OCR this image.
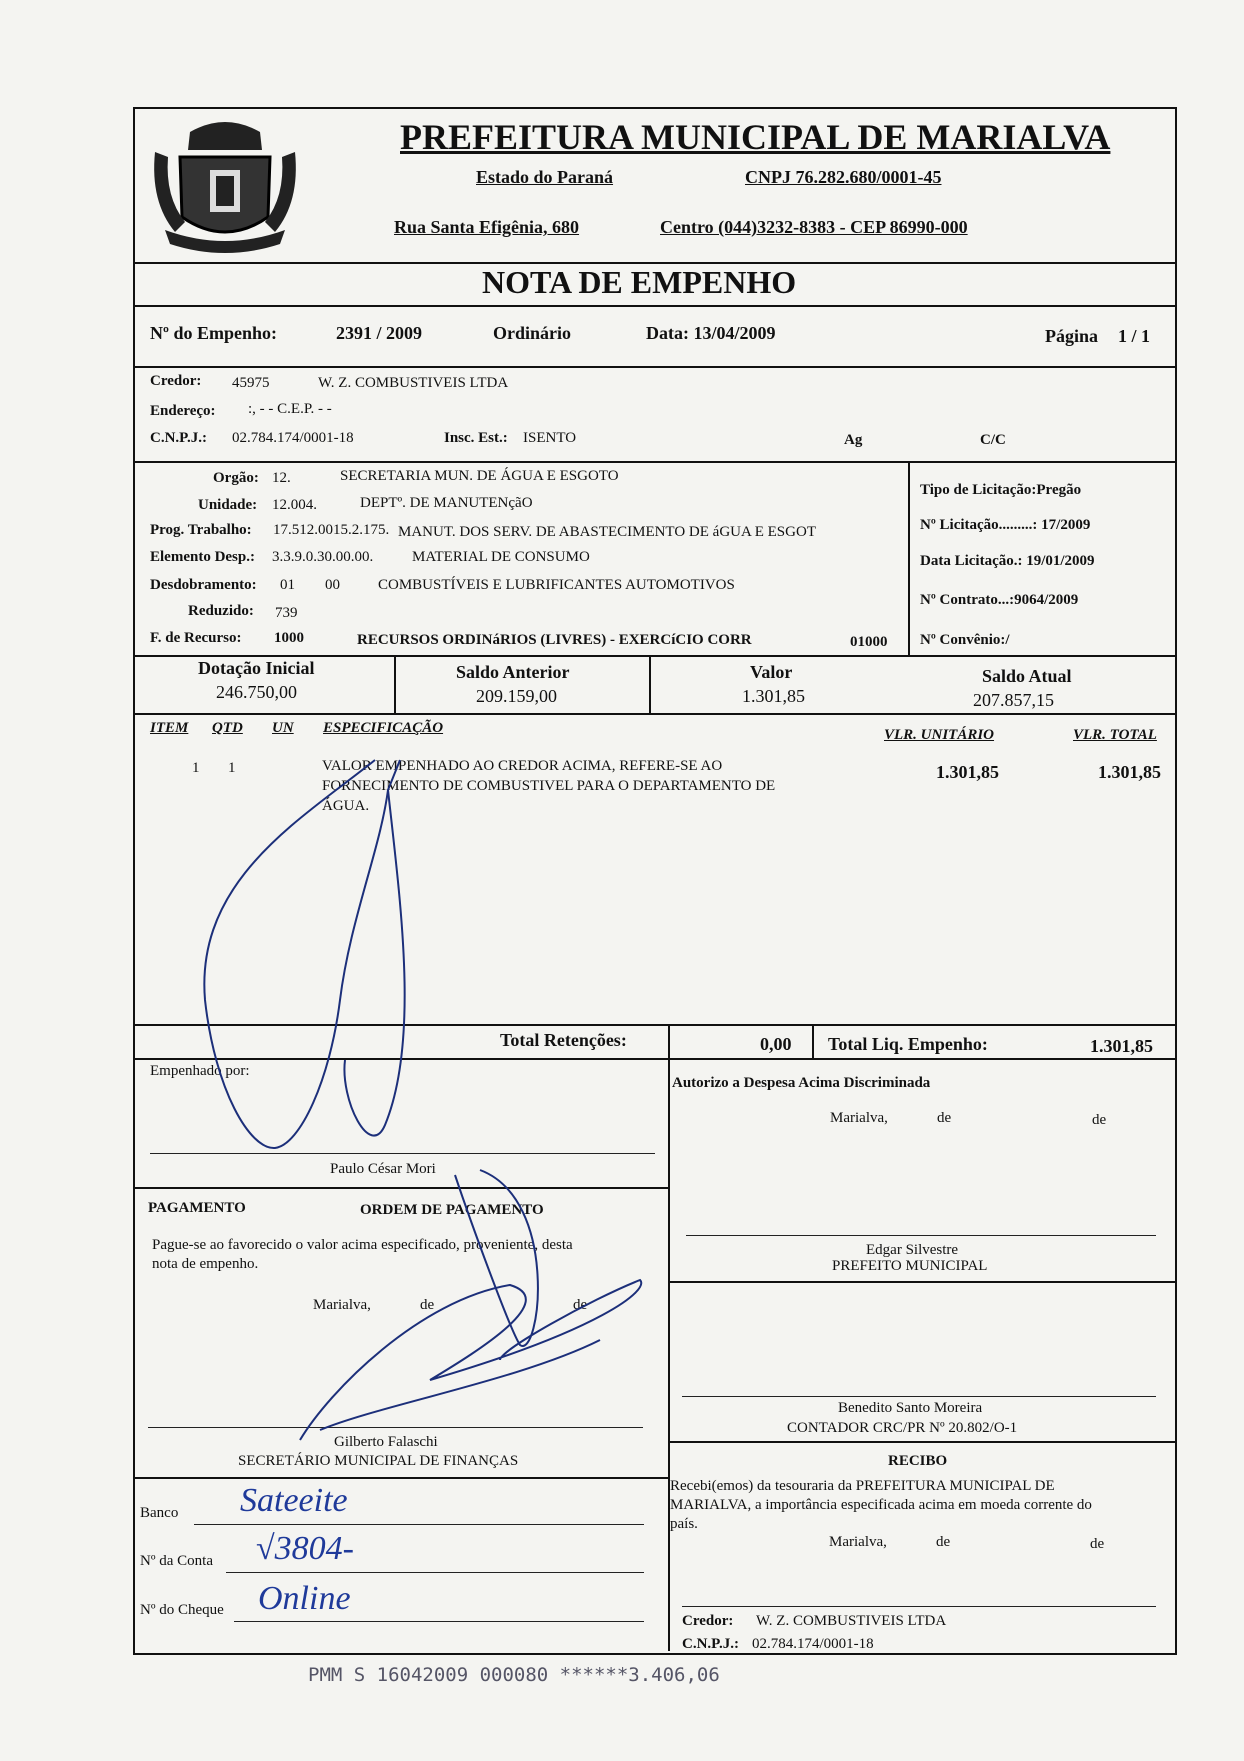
PREFEITURA MUNICIPAL DE MARIALVA
Estado do Paraná	CNPJ 76.282.680/0001-45
Rua Santa Efigênia, 680	Centro (044)3232-8383 - CEP 86990-000
NOTA DE EMPENHO
Nº do Empenho:	2391 / 2009	Ordinário	Data: 13/04/2009	Página 1 / 1
Credor: 45975	W. Z. COMBUSTIVEIS LTDA
Endereço: :, - - C.E.P. - -
C.N.P.J.: 02.784.174/0001-18	Insc. Est.: ISENTO	Ag	C/C
Orgão: 12.	SECRETARIA MUN. DE ÁGUA E ESGOTO
Unidade: 12.004.	DEPTº. DE MANUTENçãO
Prog. Trabalho: 17.512.0015.2.175. MANUT. DOS SERV. DE ABASTECIMENTO DE áGUA E ESGOT
Elemento Desp.: 3.3.9.0.30.00.00.	MATERIAL DE CONSUMO
Desdobramento: 01 00	COMBUSTÍVEIS E LUBRIFICANTES AUTOMOTIVOS
Reduzido: 739
F. de Recurso: 1000	RECURSOS ORDINáRIOS (LIVRES) - EXERCíCIO CORR	01000
Tipo de Licitação:Pregão
Nº Licitação.........: 17/2009
Data Licitação.: 19/01/2009
Nº Contrato...:9064/2009
Nº Convênio:/
Dotação Inicial
246.750,00
Saldo Anterior
209.159,00
Valor
1.301,85
Saldo Atual
207.857,15
ITEM QTD UN ESPECIFICAÇÃO	VLR. UNITÁRIO	VLR. TOTAL
1 1	VALOR EMPENHADO AO CREDOR ACIMA, REFERE-SE AO
FORNECIMENTO DE COMBUSTIVEL PARA O DEPARTAMENTO DE
ÁGUA.
1.301,85	1.301,85
Total Retenções:	0,00 Total Liq. Empenho:	1.301,85
Empenhado por:
Paulo César Mori
PAGAMENTO	ORDEM DE PAGAMENTO
Pague-se ao favorecido o valor acima especificado, proveniente, desta
nota de empenho.
Marialva,	de	de
Gilberto Falaschi
SECRETÁRIO MUNICIPAL DE FINANÇAS
Banco Sateeite
Nº da Conta √3804-
Nº do Cheque Online
Autorizo a Despesa Acima Discriminada
Marialva,	de	de
Edgar Silvestre
PREFEITO MUNICIPAL
Benedito Santo Moreira
CONTADOR CRC/PR Nº 20.802/O-1
RECIBO
Recebi(emos) da tesouraria da PREFEITURA MUNICIPAL DE
MARIALVA, a importância especificada acima em moeda corrente do
país.
Marialva,	de	de
Credor: W. Z. COMBUSTIVEIS LTDA
C.N.P.J.: 02.784.174/0001-18
PMM S 16042009 000080 ******3.406,06
